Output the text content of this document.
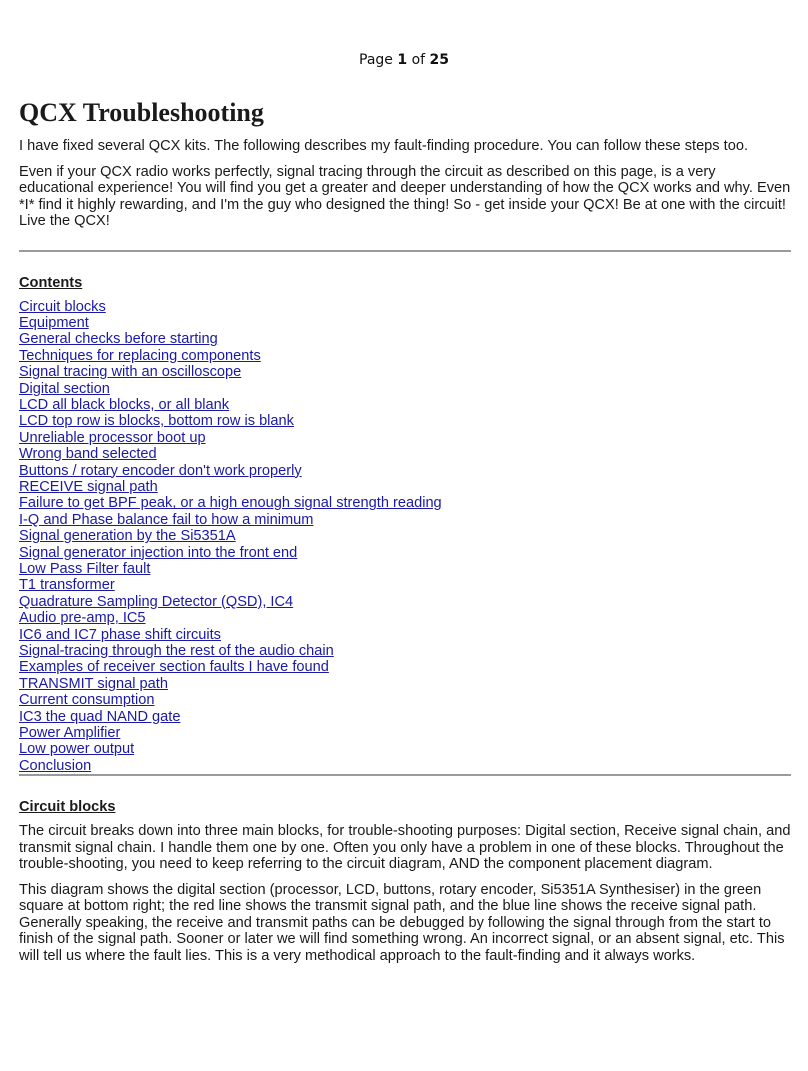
Page 1 of 25
QCX Troubleshooting

I have fixed several QCX kits. The following describes my fault-finding procedure. You can follow these steps too.

Even if your QCX radio works perfectly, signal tracing through the circuit as described on this page, is a very educational experience! You will find you get a greater and deeper understanding of how the QCX works and why. Even *I* find it highly rewarding, and I'm the guy who designed the thing! So - get inside your QCX! Be at one with the circuit! Live the QCX!

Contents
Circuit blocks
Equipment
General checks before starting
Techniques for replacing components
Signal tracing with an oscilloscope
Digital section
LCD all black blocks, or all blank
LCD top row is blocks, bottom row is blank
Unreliable processor boot up
Wrong band selected
Buttons / rotary encoder don't work properly
RECEIVE signal path
Failure to get BPF peak, or a high enough signal strength reading
I-Q and Phase balance fail to how a minimum
Signal generation by the Si5351A
Signal generator injection into the front end
Low Pass Filter fault
T1 transformer
Quadrature Sampling Detector (QSD), IC4
Audio pre-amp, IC5
IC6 and IC7 phase shift circuits
Signal-tracing through the rest of the audio chain
Examples of receiver section faults I have found
TRANSMIT signal path
Current consumption
IC3 the quad NAND gate
Power Amplifier
Low power output
Conclusion
Circuit blocks

The circuit breaks down into three main blocks, for trouble-shooting purposes: Digital section, Receive signal chain, and transmit signal chain. I handle them one by one. Often you only have a problem in one of these blocks. Throughout the trouble-shooting, you need to keep referring to the circuit diagram, AND the component placement diagram.

This diagram shows the digital section (processor, LCD, buttons, rotary encoder, Si5351A Synthesiser) in the green square at bottom right; the red line shows the transmit signal path, and the blue line shows the receive signal path. Generally speaking, the receive and transmit paths can be debugged by following the signal through from the start to finish of the signal path. Sooner or later we will find something wrong. An incorrect signal, or an absent signal, etc. This will tell us where the fault lies. This is a very methodical approach to the fault-finding and it always works.
